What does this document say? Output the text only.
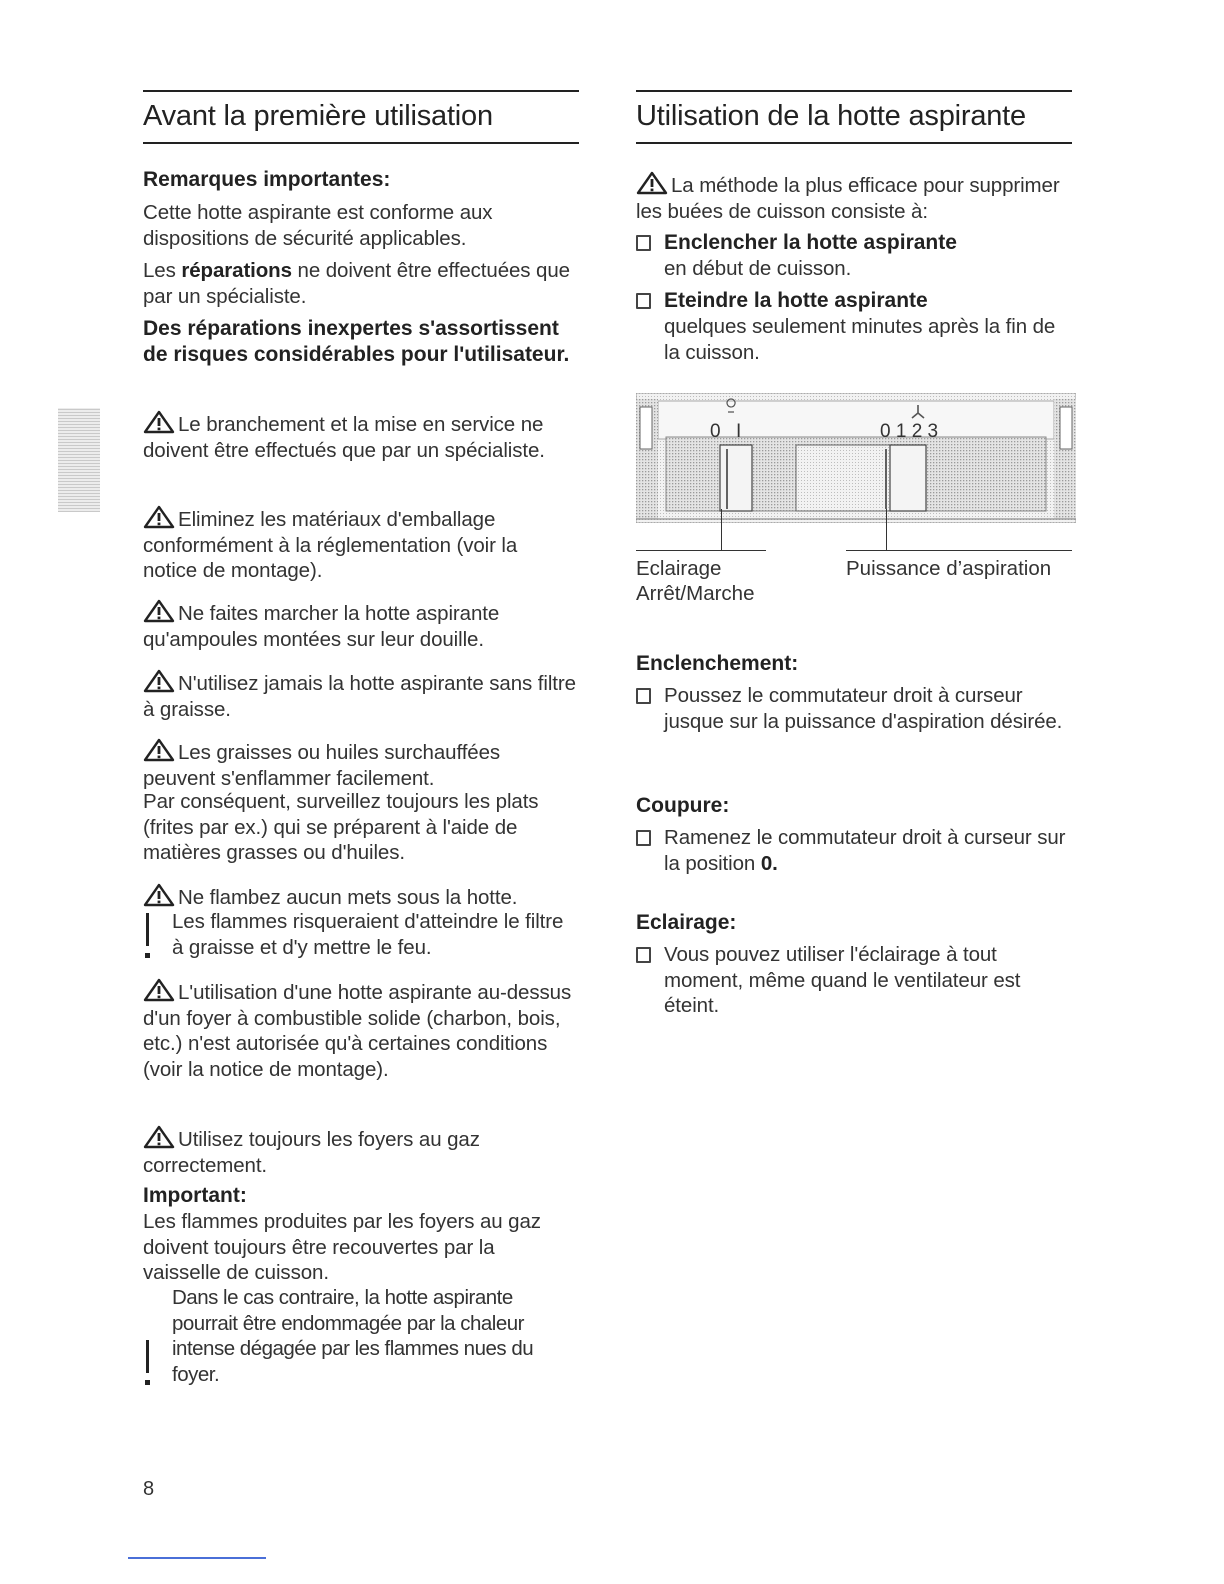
Avant la première utilisation
Remarques importantes:
Cette hotte aspirante est conforme aux dispositions de sécurité applicables.
Les réparations ne doivent être effectuées que par un spécialiste.
Des réparations inexpertes s'assortissent de risques considérables pour l'utilisateur.
Le branchement et la mise en service ne doivent être effectués que par un spécialiste.
Eliminez les matériaux d'emballage conformément à la réglementation (voir la notice de montage).
Ne faites marcher la hotte aspirante qu'ampoules montées sur leur douille.
N'utilisez jamais la hotte aspirante sans filtre à graisse.
Les graisses ou huiles surchauffées peuvent s'enflammer facilement.
Par conséquent, surveillez toujours les plats (frites par ex.) qui se préparent à l'aide de matières grasses ou d'huiles.
Ne flambez aucun mets sous la hotte.
Les flammes risqueraient d'atteindre le filtre à graisse et d'y mettre le feu.
L'utilisation d'une hotte aspirante au-dessus d'un foyer à combustible solide (charbon, bois, etc.) n'est autorisée qu'à certaines conditions (voir la notice de montage).
Utilisez toujours les foyers au gaz correctement.
Important:
Les flammes produites par les foyers au gaz doivent toujours être recouvertes par la vaisselle de cuisson.
Dans le cas contraire, la hotte aspirante pourrait être endommagée par la chaleur intense dégagée par les flammes nues du foyer.
Utilisation de la hotte aspirante
La méthode la plus efficace pour supprimer les buées de cuisson consiste à:
Enclencher la hotte aspirante
en début de cuisson.
Eteindre la hotte aspirante
quelques seulement minutes après la fin de la cuisson.
0 I	0 1 2 3
Eclairage
Arrêt/Marche
Puissance d’aspiration
Enclenchement:
Poussez le commutateur droit à curseur jusque sur la puissance d'aspiration désirée.
Coupure:
Ramenez le commutateur droit à curseur sur la position 0.
Eclairage:
Vous pouvez utiliser l'éclairage à tout moment, même quand le ventilateur est éteint.
8
